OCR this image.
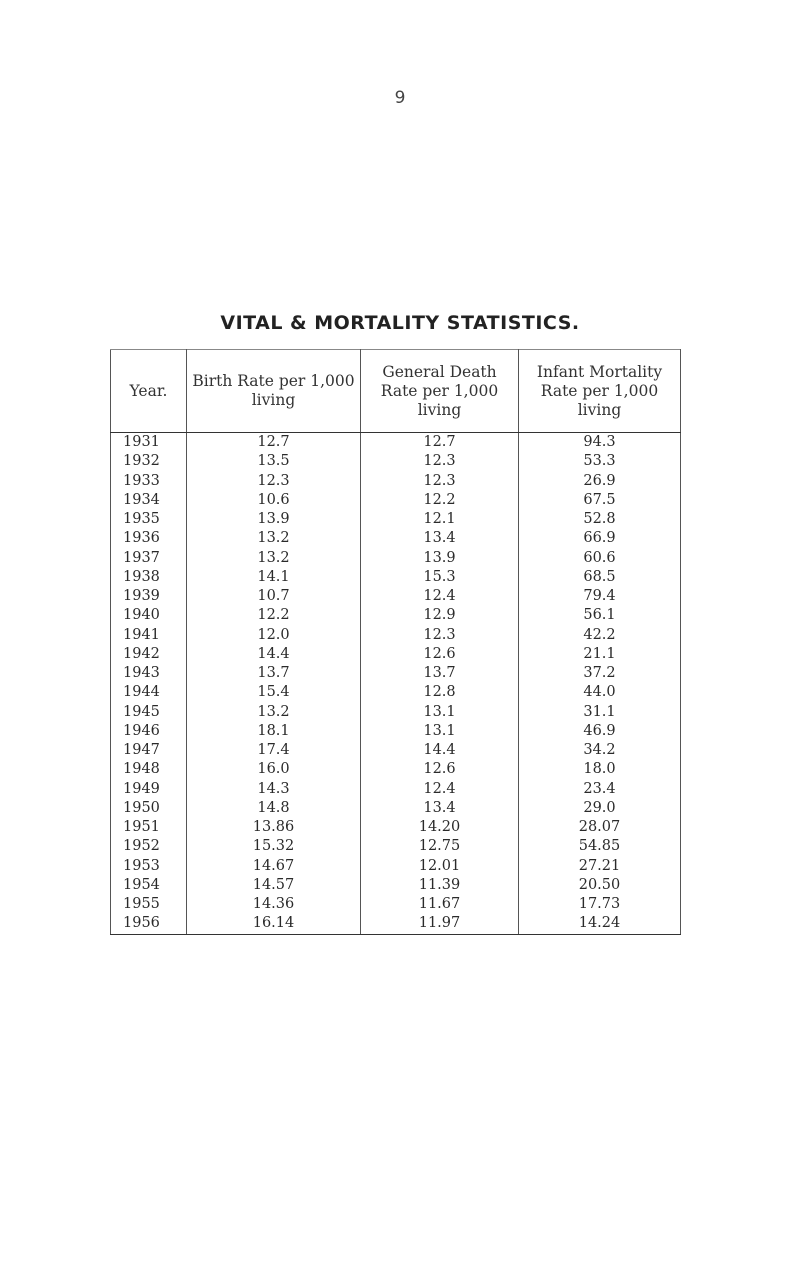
9
VITAL & MORTALITY STATISTICS.
Year.	Birth Rate per 1,000 living	General Death Rate per 1,000 living	Infant Mortality Rate per 1,000 living
1931	12.7	12.7	94.3
1932	13.5	12.3	53.3
1933	12.3	12.3	26.9
1934	10.6	12.2	67.5
1935	13.9	12.1	52.8
1936	13.2	13.4	66.9
1937	13.2	13.9	60.6
1938	14.1	15.3	68.5
1939	10.7	12.4	79.4
1940	12.2	12.9	56.1
1941	12.0	12.3	42.2
1942	14.4	12.6	21.1
1943	13.7	13.7	37.2
1944	15.4	12.8	44.0
1945	13.2	13.1	31.1
1946	18.1	13.1	46.9
1947	17.4	14.4	34.2
1948	16.0	12.6	18.0
1949	14.3	12.4	23.4
1950	14.8	13.4	29.0
1951	13.86	14.20	28.07
1952	15.32	12.75	54.85
1953	14.67	12.01	27.21
1954	14.57	11.39	20.50
1955	14.36	11.67	17.73
1956	16.14	11.97	14.24
